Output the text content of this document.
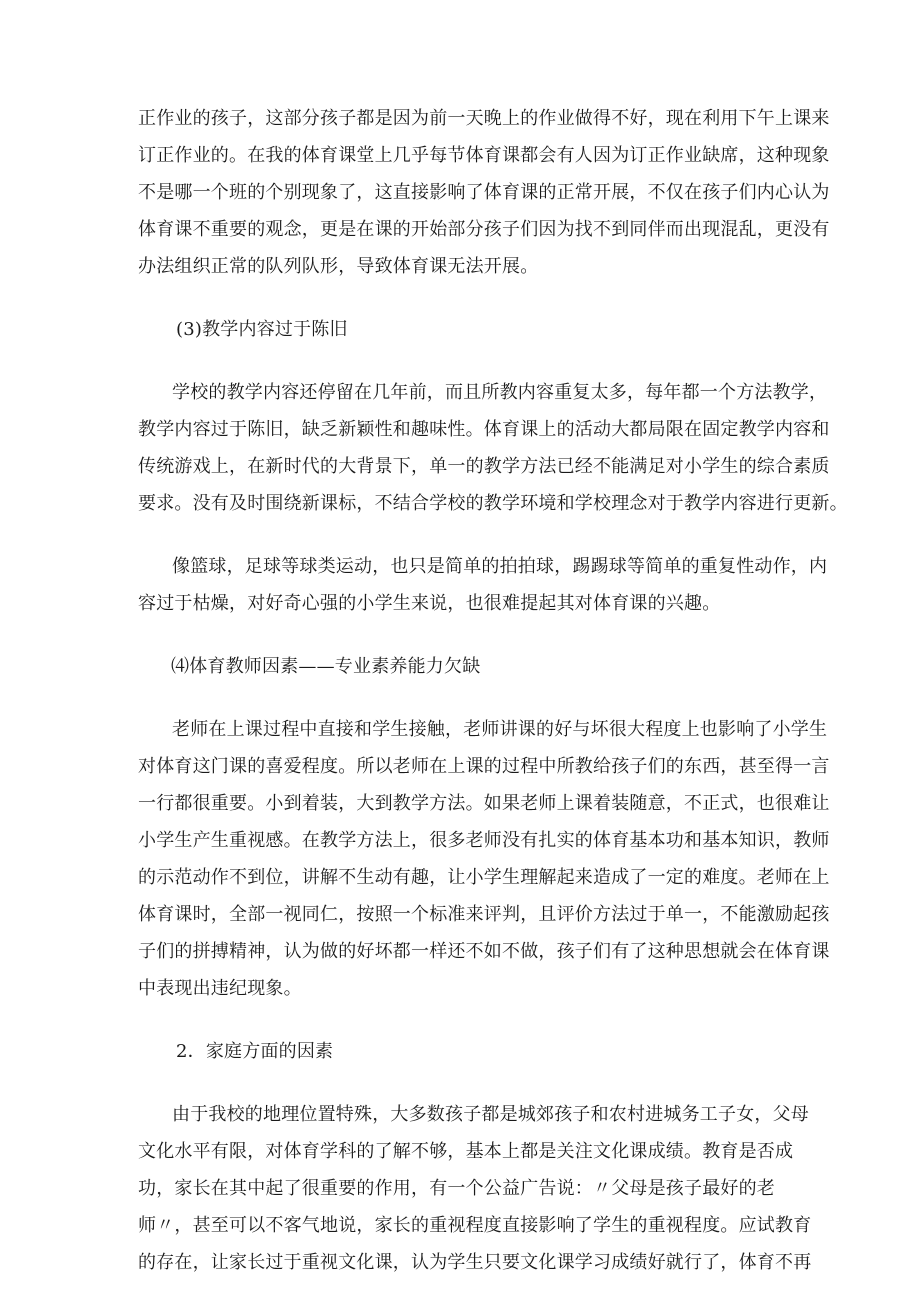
正作业的孩子，这部分孩子都是因为前一天晚上的作业做得不好，现在利用下午上课来
订正作业的。在我的体育课堂上几乎每节体育课都会有人因为订正作业缺席，这种现象
不是哪一个班的个别现象了，这直接影响了体育课的正常开展，不仅在孩子们内心认为
体育课不重要的观念，更是在课的开始部分孩子们因为找不到同伴而出现混乱，更没有
办法组织正常的队列队形，导致体育课无法开展。
(3)教学内容过于陈旧
学校的教学内容还停留在几年前，而且所教内容重复太多，每年都一个方法教学，
教学内容过于陈旧，缺乏新颖性和趣味性。体育课上的活动大都局限在固定教学内容和
传统游戏上，在新时代的大背景下，单一的教学方法已经不能满足对小学生的综合素质
要求。没有及时围绕新课标，不结合学校的教学环境和学校理念对于教学内容进行更新。
像篮球，足球等球类运动，也只是简单的拍拍球，踢踢球等简单的重复性动作，内
容过于枯燥，对好奇心强的小学生来说，也很难提起其对体育课的兴趣。
⑷体育教师因素——专业素养能力欠缺
老师在上课过程中直接和学生接触，老师讲课的好与坏很大程度上也影响了小学生
对体育这门课的喜爱程度。所以老师在上课的过程中所教给孩子们的东西，甚至得一言
一行都很重要。小到着装，大到教学方法。如果老师上课着装随意，不正式，也很难让
小学生产生重视感。在教学方法上，很多老师没有扎实的体育基本功和基本知识，教师
的示范动作不到位，讲解不生动有趣，让小学生理解起来造成了一定的难度。老师在上
体育课时，全部一视同仁，按照一个标准来评判，且评价方法过于单一，不能激励起孩
子们的拼搏精神，认为做的好坏都一样还不如不做，孩子们有了这种思想就会在体育课
中表现出违纪现象。
2．家庭方面的因素
由于我校的地理位置特殊，大多数孩子都是城郊孩子和农村进城务工子女，父母
文化水平有限，对体育学科的了解不够，基本上都是关注文化课成绩。教育是否成
功，家长在其中起了很重要的作用，有一个公益广告说：〃父母是孩子最好的老
师〃，甚至可以不客气地说，家长的重视程度直接影响了学生的重视程度。应试教育
的存在，让家长过于重视文化课，认为学生只要文化课学习成绩好就行了，体育不再
